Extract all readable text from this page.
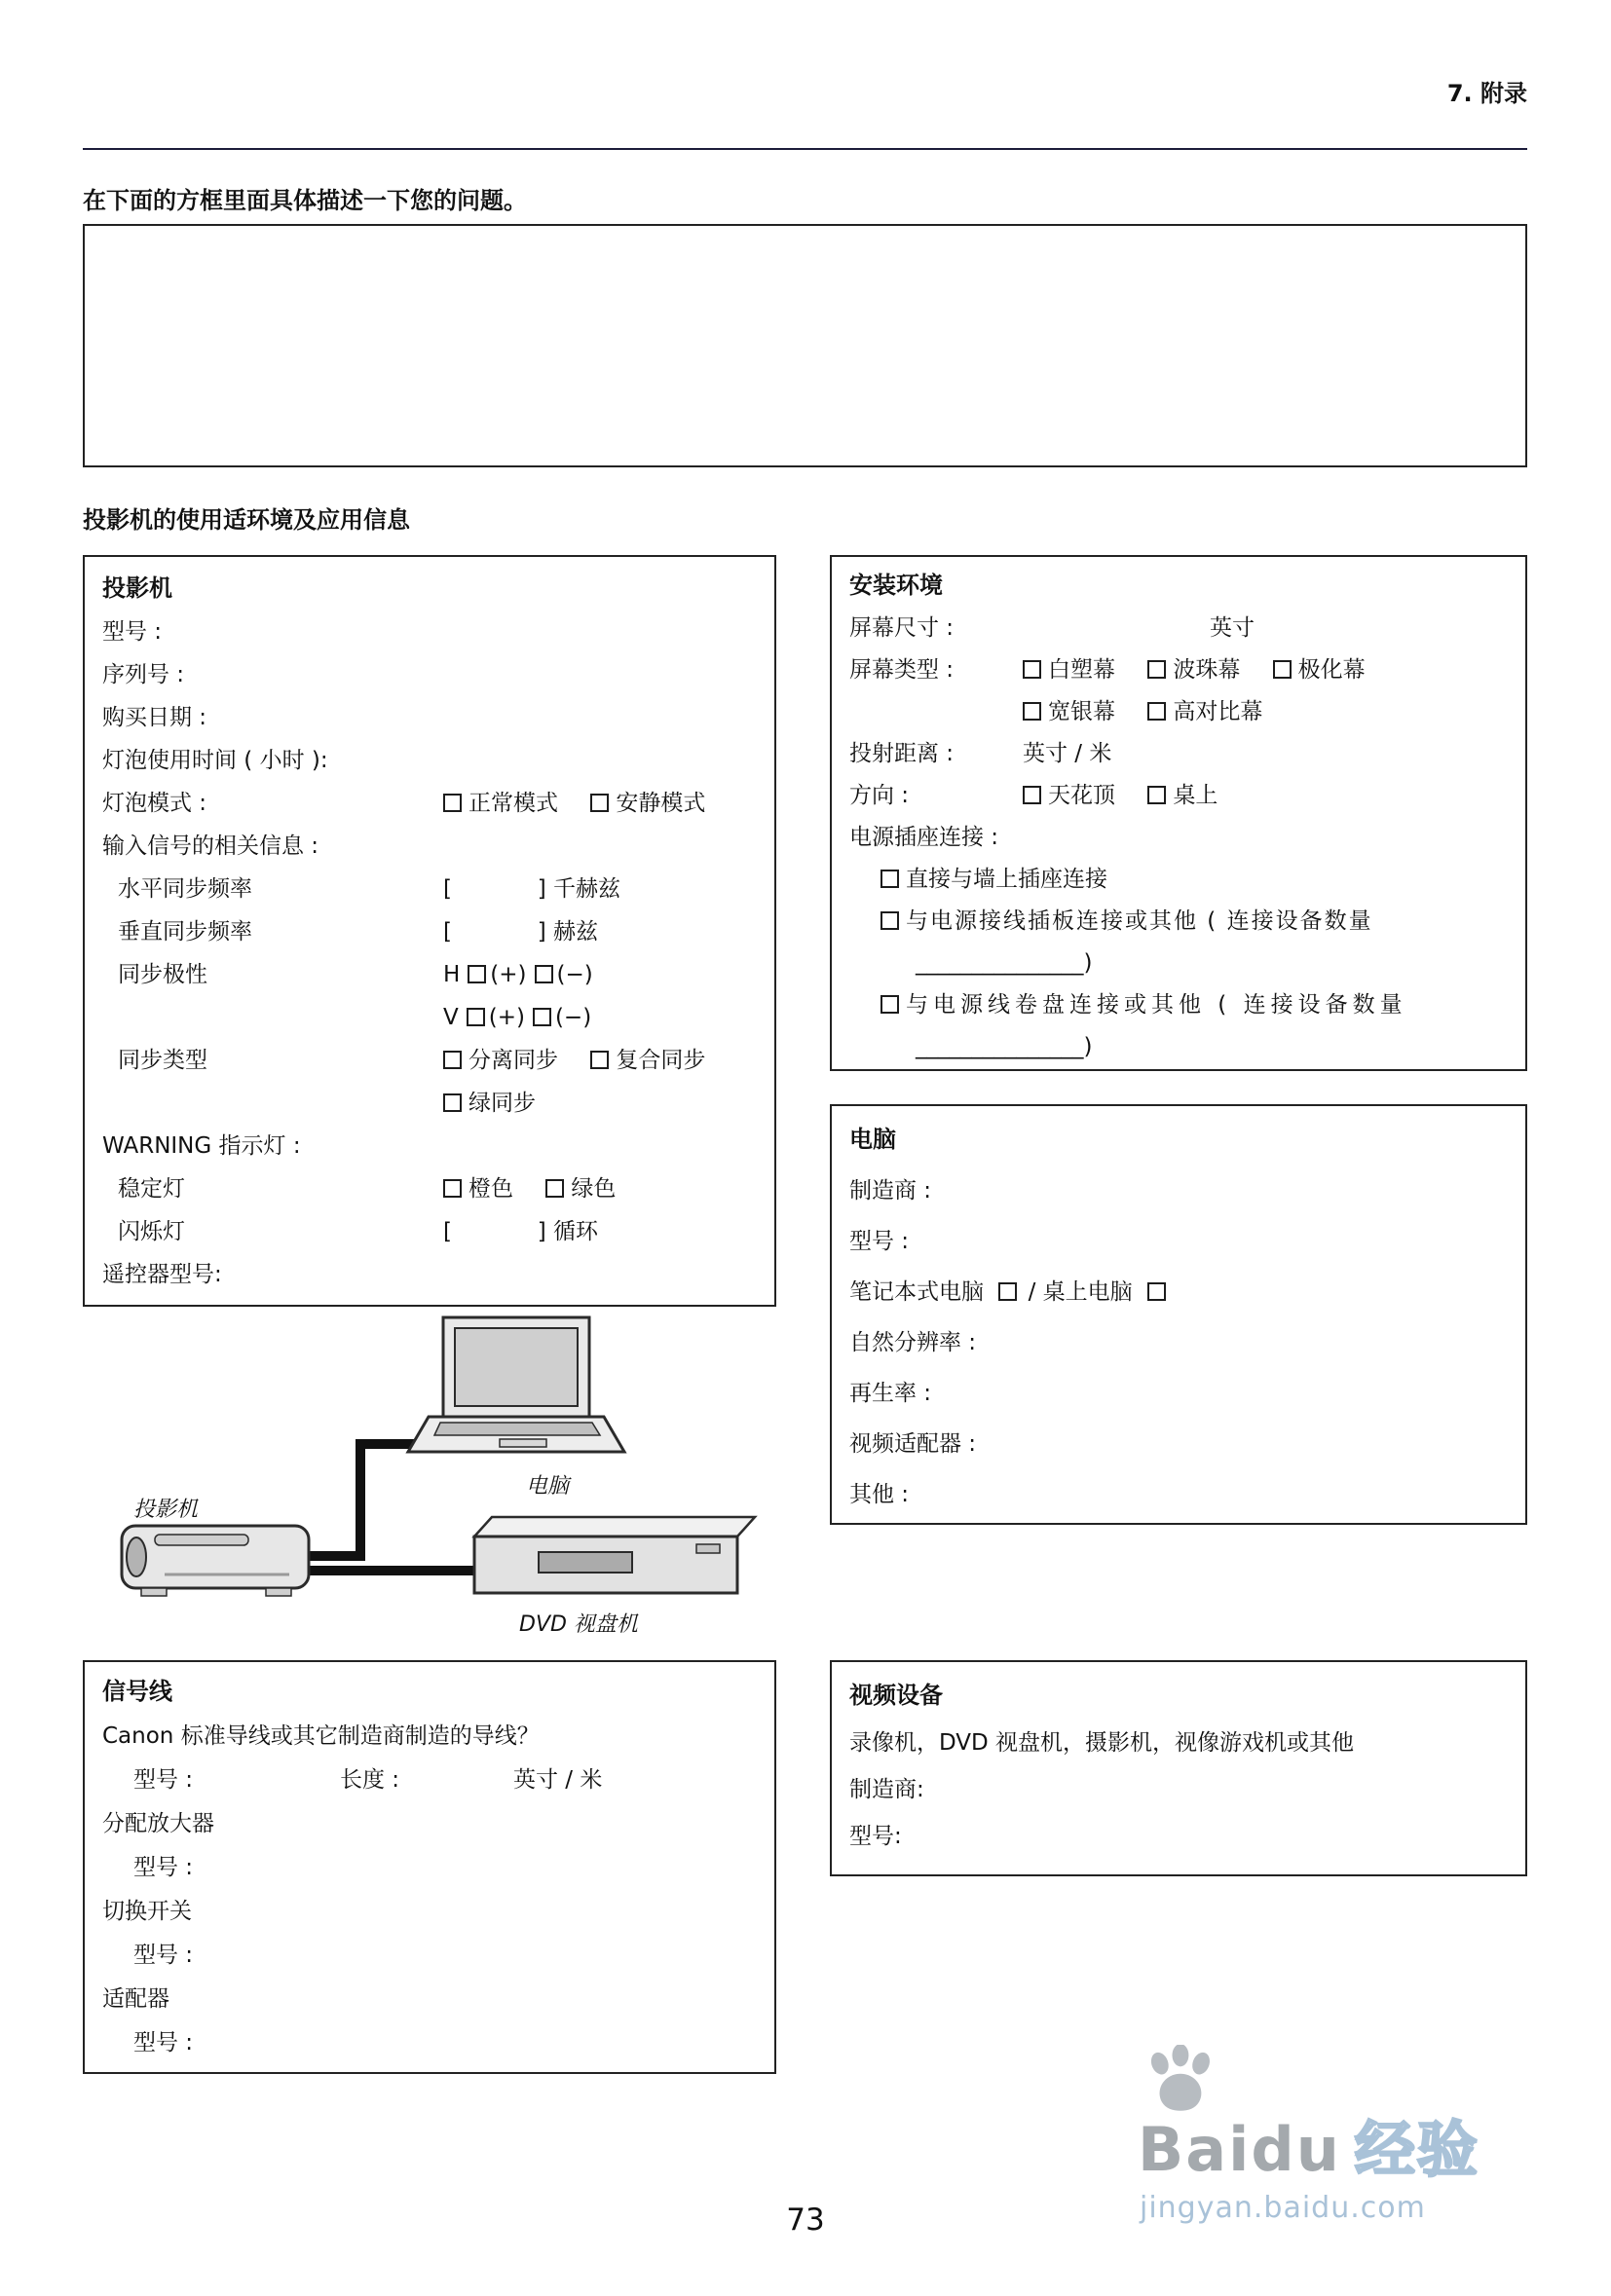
7. 附录
在下面的方框里面具体描述一下您的问题。
投影机的使用适环境及应用信息
投影机
型号 :
序列号 :
购买日期 :
灯泡使用时间 ( 小时 ):
灯泡模式 :	正常模式	安静模式
输入信号的相关信息 :
水平同步频率	[            ] 千赫兹
垂直同步频率	[            ] 赫兹
同步极性	H (+) (−)
V (+) (−)
同步类型	分离同步	复合同步
绿同步
WARNING 指示灯 :
稳定灯	橙色	绿色
闪烁灯	[            ] 循环
遥控器型号:
安装环境
屏幕尺寸 :	英寸
屏幕类型 :	白塑幕	波珠幕	极化幕
宽银幕	高对比幕
投射距离 :	英寸 / 米
方向 :	天花顶	桌上
电源插座连接 :
直接与墙上插座连接
与电源接线插板连接或其他 ( 连接设备数量
_______________)
与电源线卷盘连接或其他 ( 连接设备数量
_______________)
电脑
制造商 :
型号 :
笔记本式电脑 / 桌上电脑
自然分辨率 :
再生率 :
视频适配器 :
其他 :
投影机
电脑
DVD 视盘机
信号线
Canon 标准导线或其它制造商制造的导线？
型号 :	长度 :	英寸 / 米
分配放大器
型号 :
切换开关
型号 :
适配器
型号 :
视频设备
录像机，DVD 视盘机，摄影机，视像游戏机或其他
制造商:
型号:
73
Baidu 经验
jingyan.baidu.com
